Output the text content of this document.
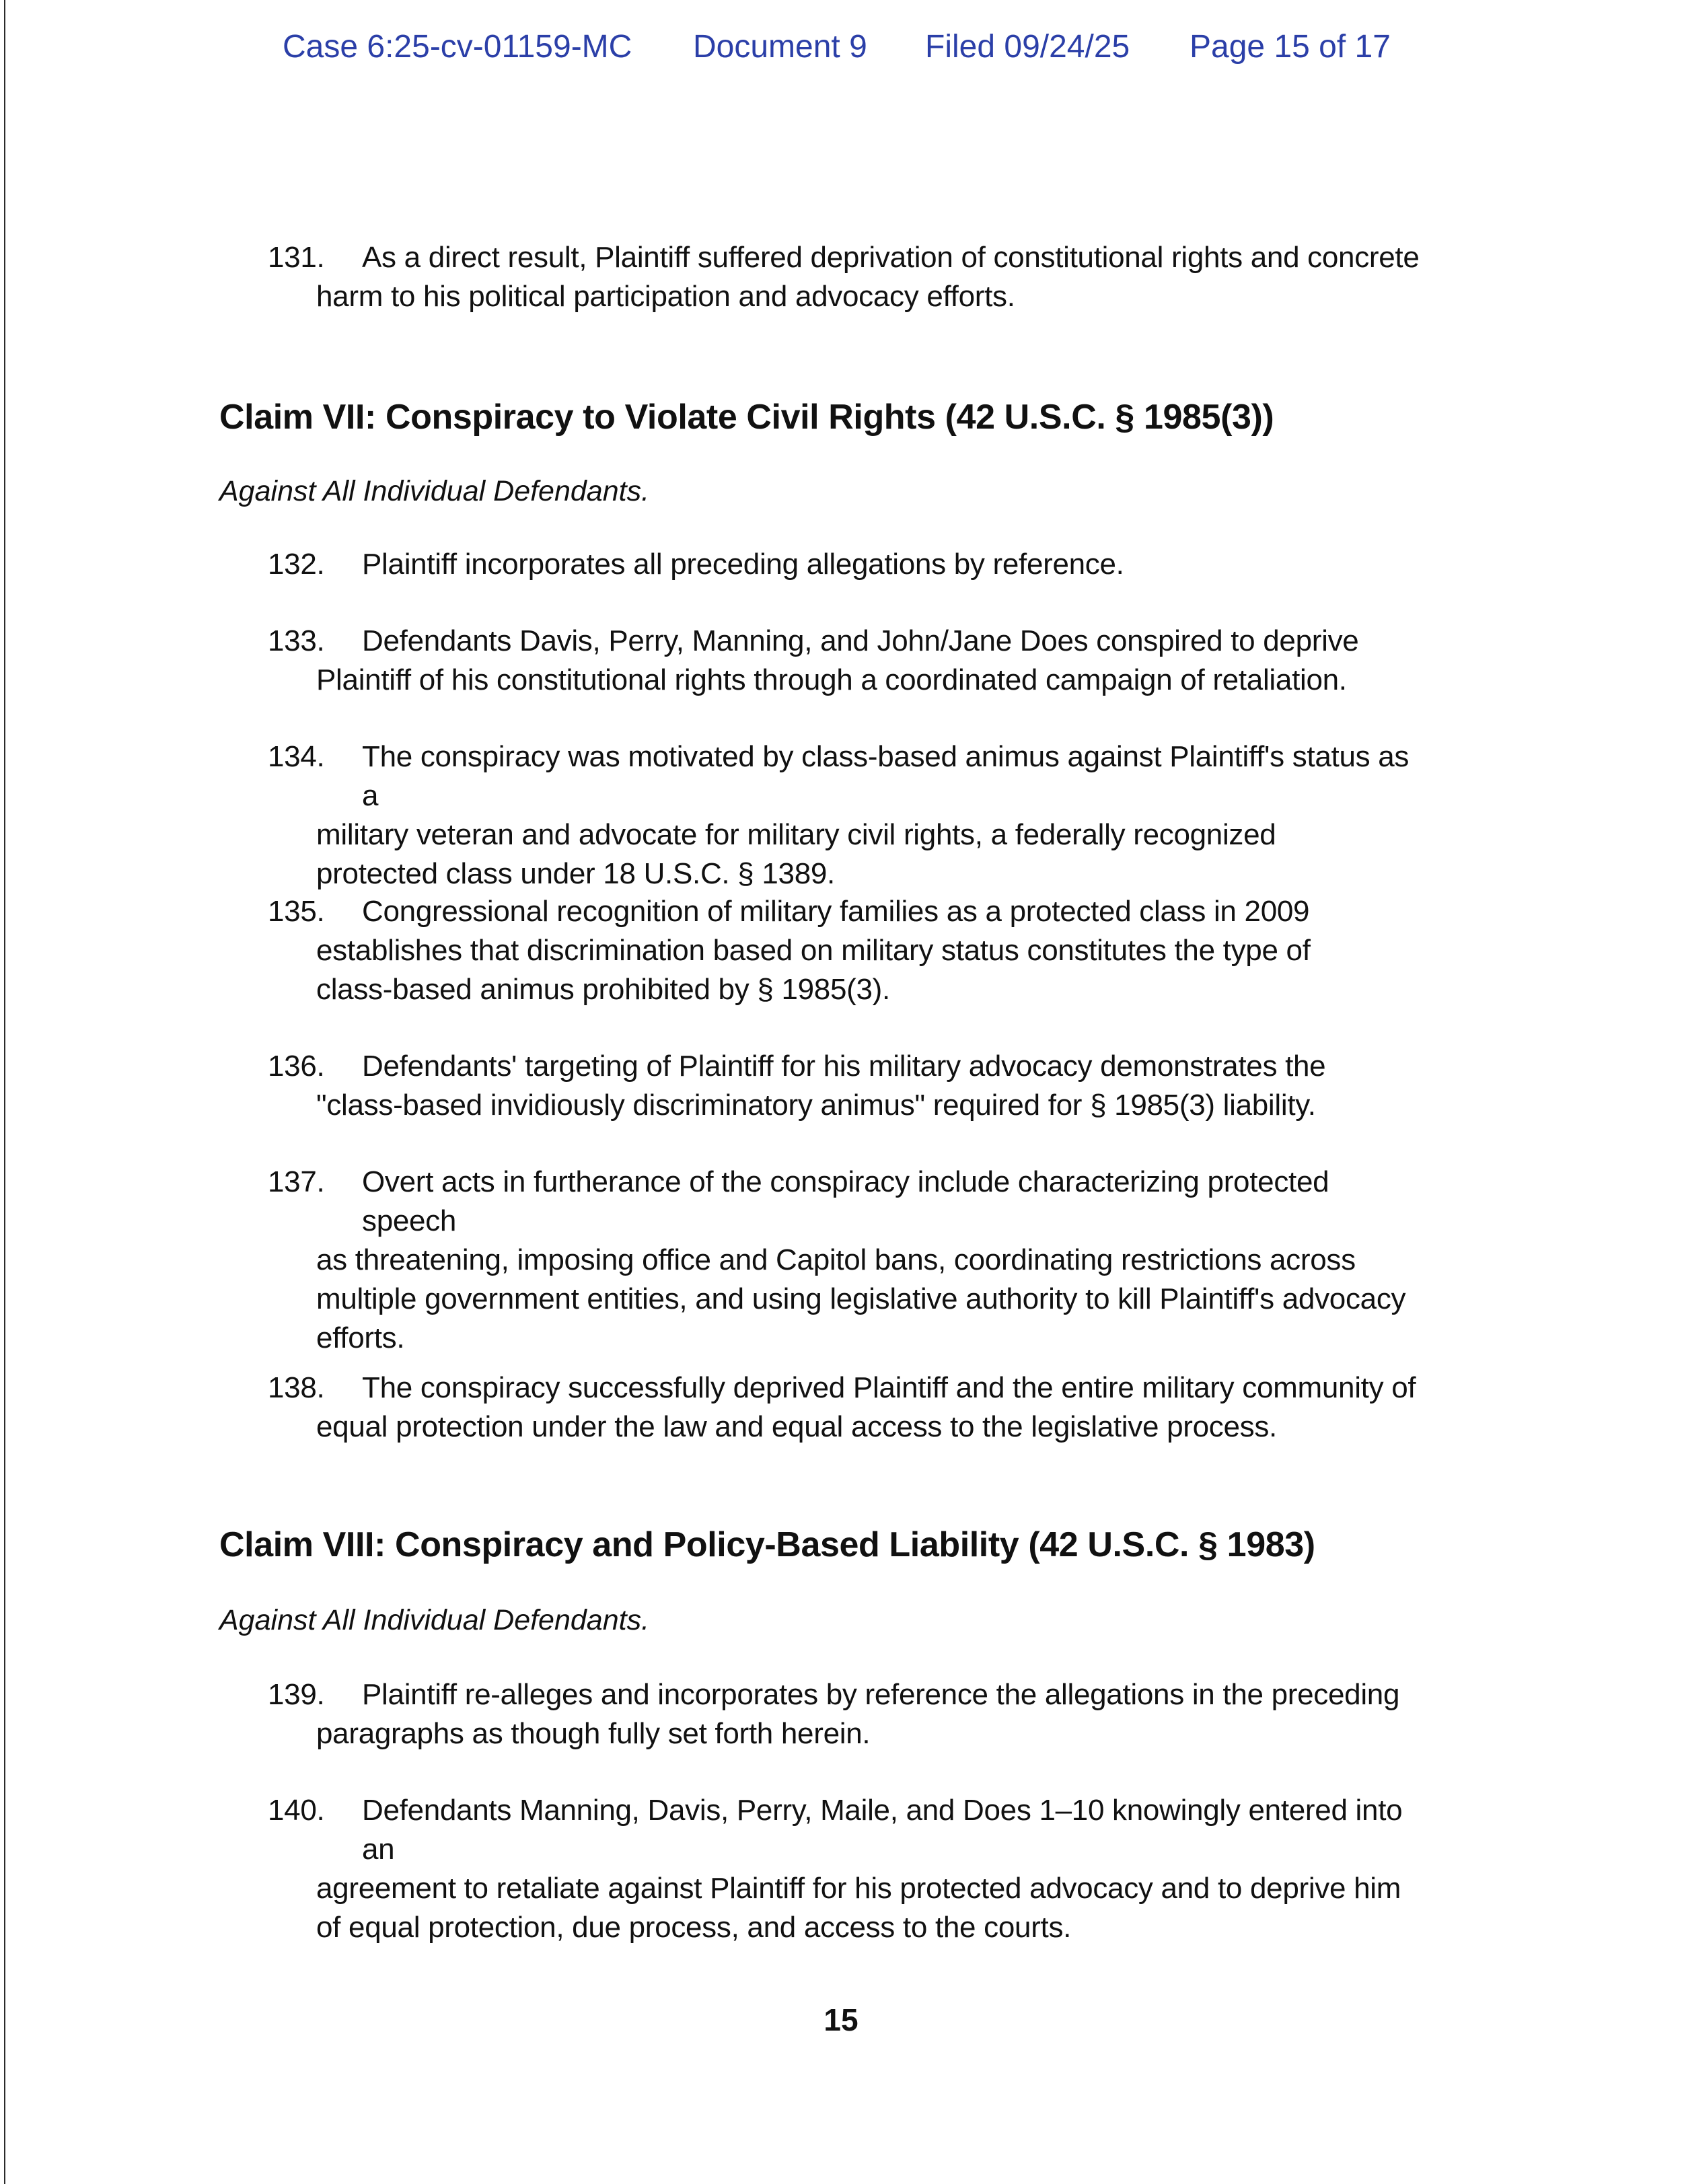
Case 6:25-cv-01159-MC Document 9 Filed 09/24/25 Page 15 of 17
131.	As a direct result, Plaintiff suffered deprivation of constitutional rights and concrete
harm to his political participation and advocacy efforts.
Claim VII: Conspiracy to Violate Civil Rights (42 U.S.C. § 1985(3))
Against All Individual Defendants.
132.	Plaintiff incorporates all preceding allegations by reference.
133.	Defendants Davis, Perry, Manning, and John/Jane Does conspired to deprive
Plaintiff of his constitutional rights through a coordinated campaign of retaliation.
134.	The conspiracy was motivated by class-based animus against Plaintiff's status as a
military veteran and advocate for military civil rights, a federally recognized protected class under 18 U.S.C. § 1389.
135.	Congressional recognition of military families as a protected class in 2009
establishes that discrimination based on military status constitutes the type of class-based animus prohibited by § 1985(3).
136.	Defendants' targeting of Plaintiff for his military advocacy demonstrates the
"class-based invidiously discriminatory animus" required for § 1985(3) liability.
137.	Overt acts in furtherance of the conspiracy include characterizing protected speech
as threatening, imposing office and Capitol bans, coordinating restrictions across multiple government entities, and using legislative authority to kill Plaintiff's advocacy efforts.
138.	The conspiracy successfully deprived Plaintiff and the entire military community of
equal protection under the law and equal access to the legislative process.
Claim VIII: Conspiracy and Policy-Based Liability (42 U.S.C. § 1983)
Against All Individual Defendants.
139.	Plaintiff re-alleges and incorporates by reference the allegations in the preceding
paragraphs as though fully set forth herein.
140.	Defendants Manning, Davis, Perry, Maile, and Does 1–10 knowingly entered into an
agreement to retaliate against Plaintiff for his protected advocacy and to deprive him of equal protection, due process, and access to the courts.
15
